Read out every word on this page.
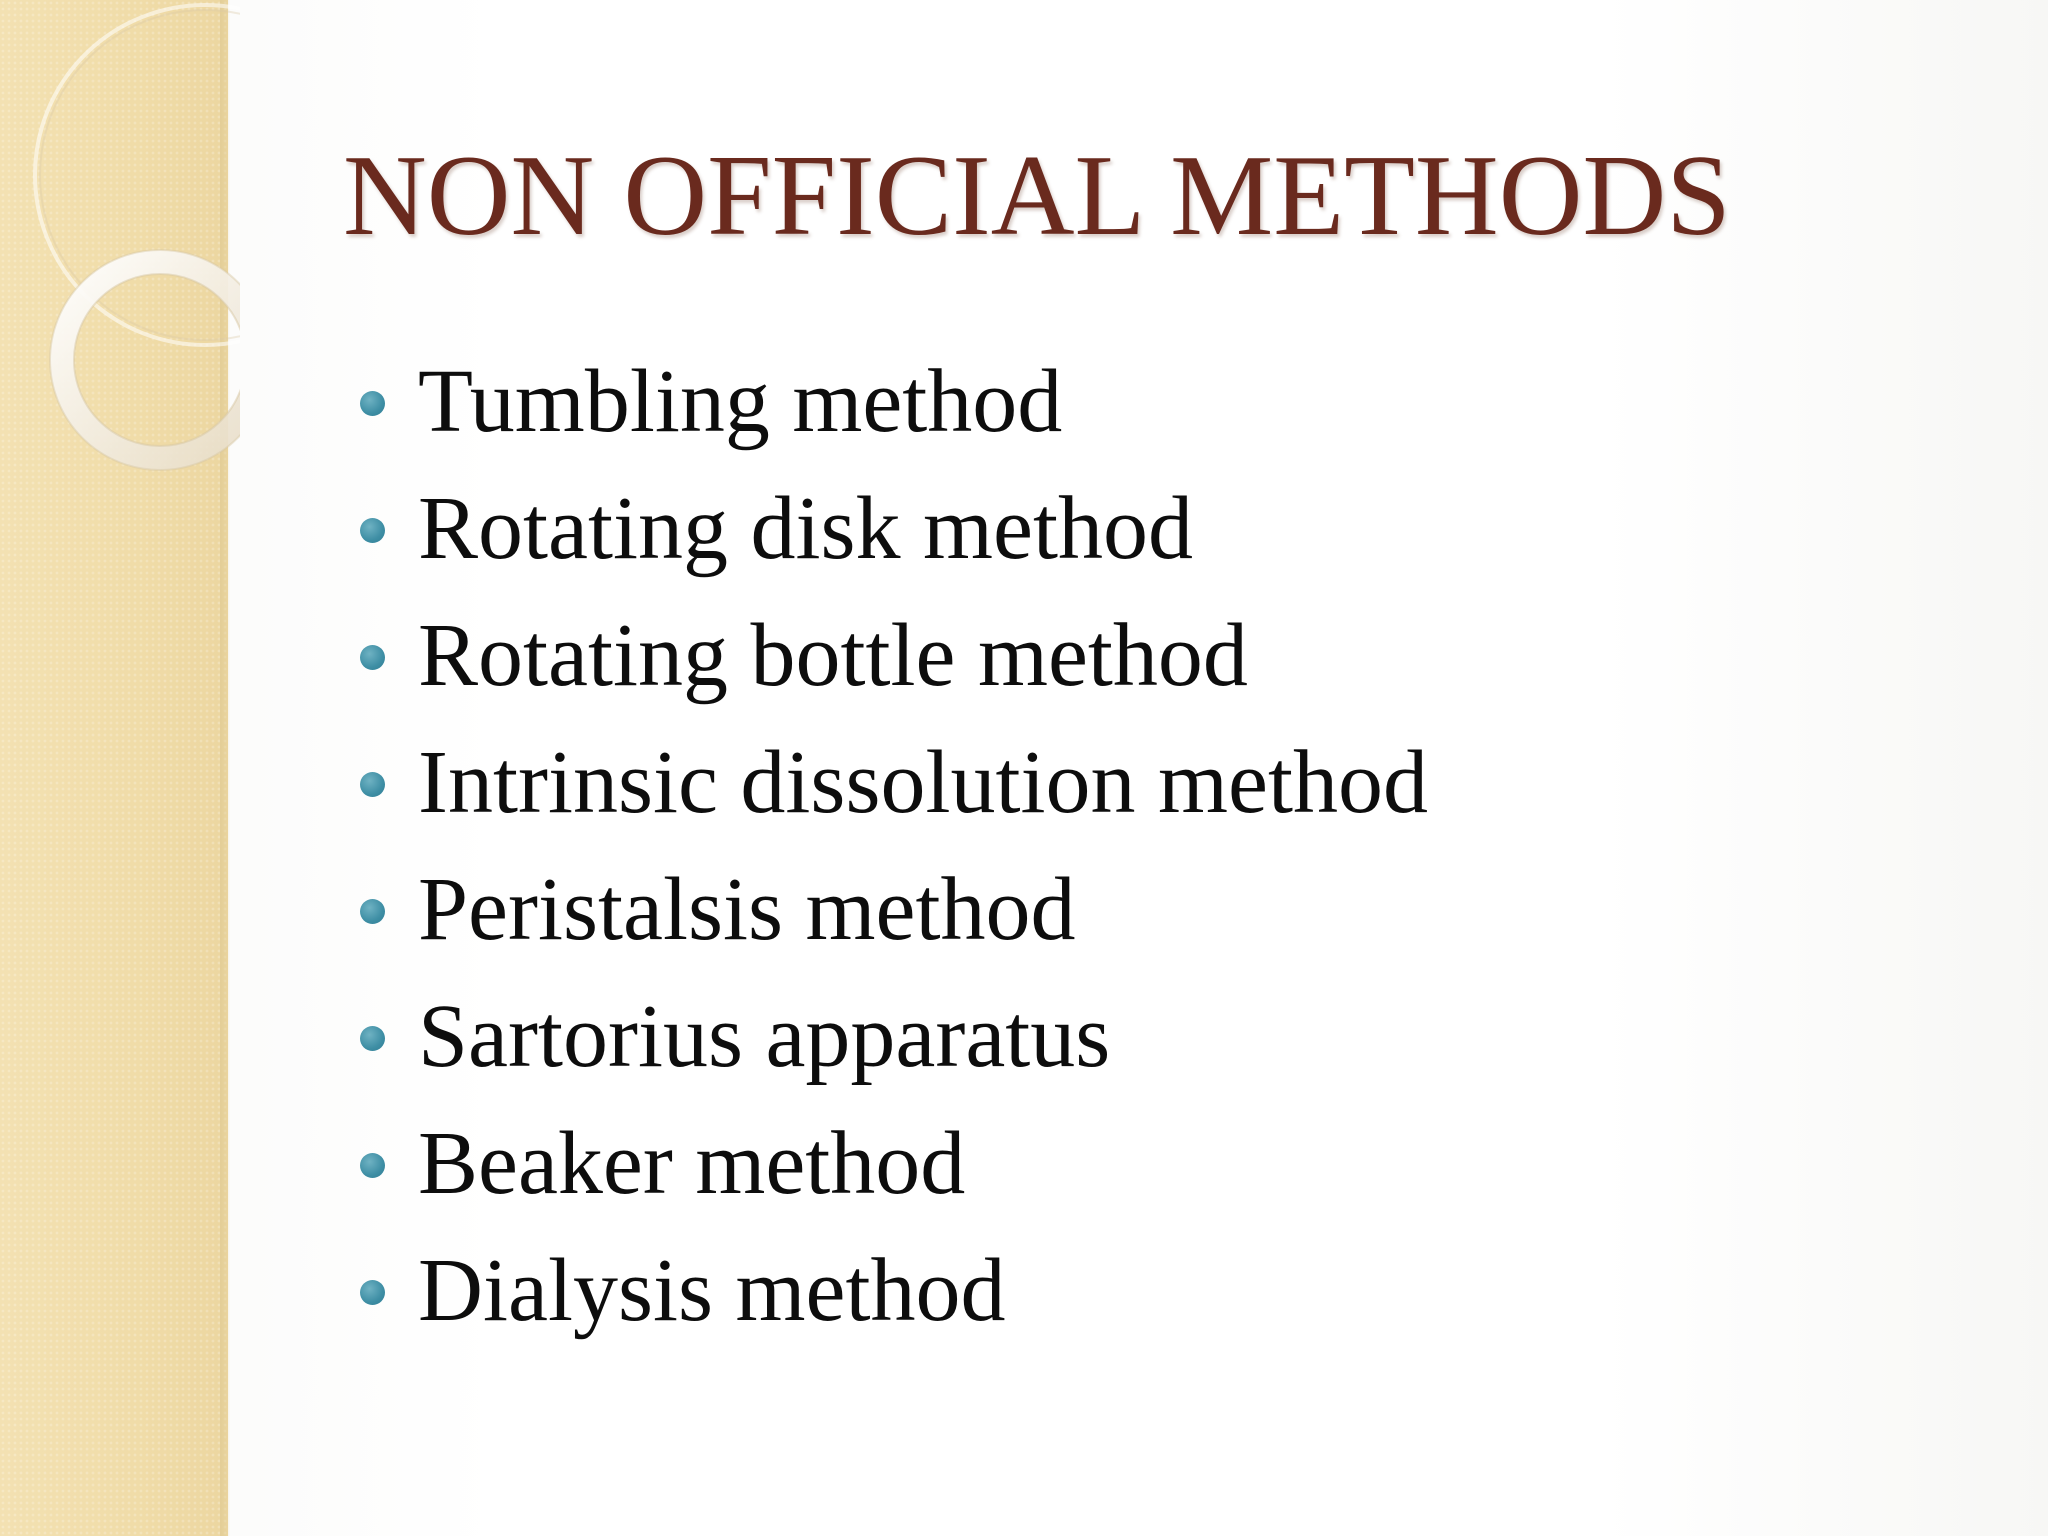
NON OFFICIAL METHODS
Tumbling method
Rotating disk method
Rotating bottle method
Intrinsic dissolution method
Peristalsis method
Sartorius apparatus
Beaker method
Dialysis method
